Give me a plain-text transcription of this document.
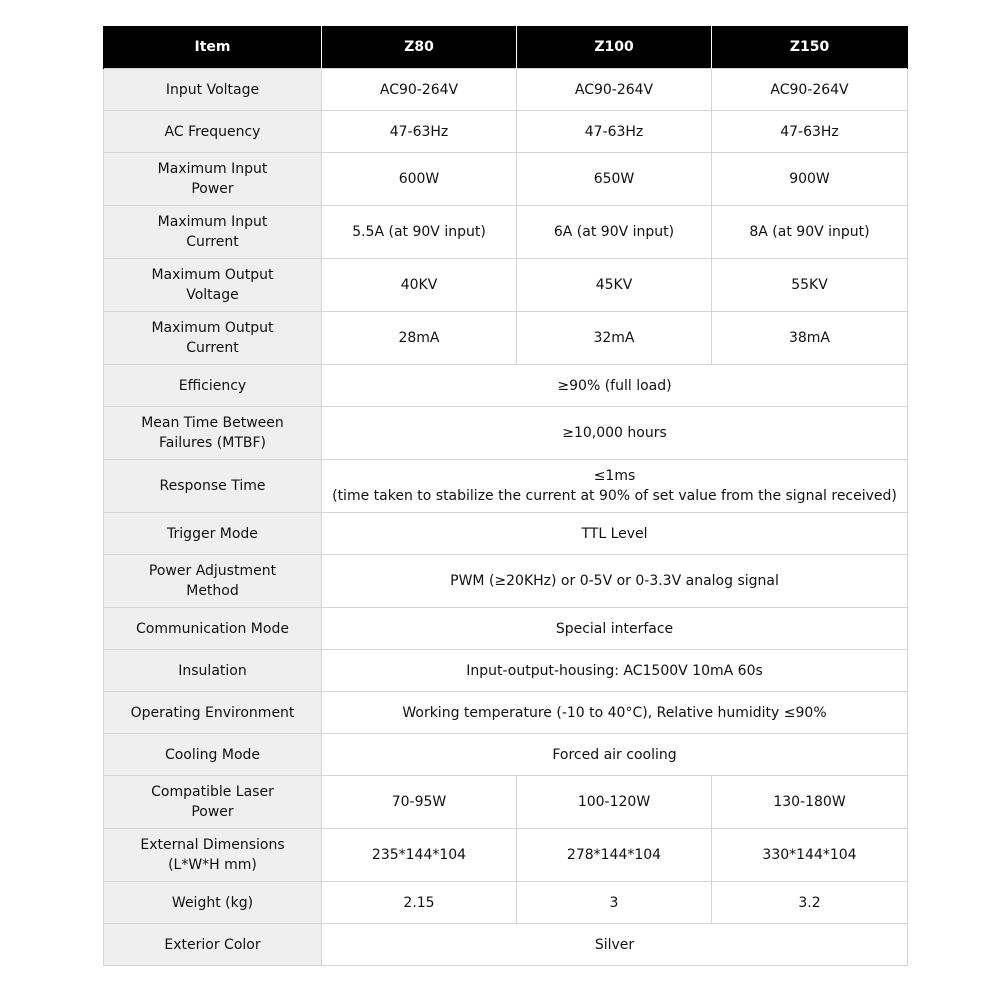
Item	Z80	Z100	Z150
Input Voltage	AC90-264V	AC90-264V	AC90-264V
AC Frequency	47-63Hz	47-63Hz	47-63Hz
Maximum Input
Power	600W	650W	900W
Maximum Input
Current	5.5A (at 90V input)	6A (at 90V input)	8A (at 90V input)
Maximum Output
Voltage	40KV	45KV	55KV
Maximum Output
Current	28mA	32mA	38mA
Efficiency	≥90% (full load)		
Mean Time Between
Failures (MTBF)	≥10,000 hours		
Response Time	≤1ms
(time taken to stabilize the current at 90% of set value from the signal received)		
Trigger Mode	TTL Level		
Power Adjustment
Method	PWM (≥20KHz) or 0-5V or 0-3.3V analog signal		
Communication Mode	Special interface		
Insulation	Input-output-housing: AC1500V 10mA 60s		
Operating Environment	Working temperature (-10 to 40°C), Relative humidity ≤90%		
Cooling Mode	Forced air cooling		
Compatible Laser
Power	70-95W	100-120W	130-180W
External Dimensions
(L*W*H mm)	235*144*104	278*144*104	330*144*104
Weight (kg)	2.15	3	3.2
Exterior Color	Silver		
